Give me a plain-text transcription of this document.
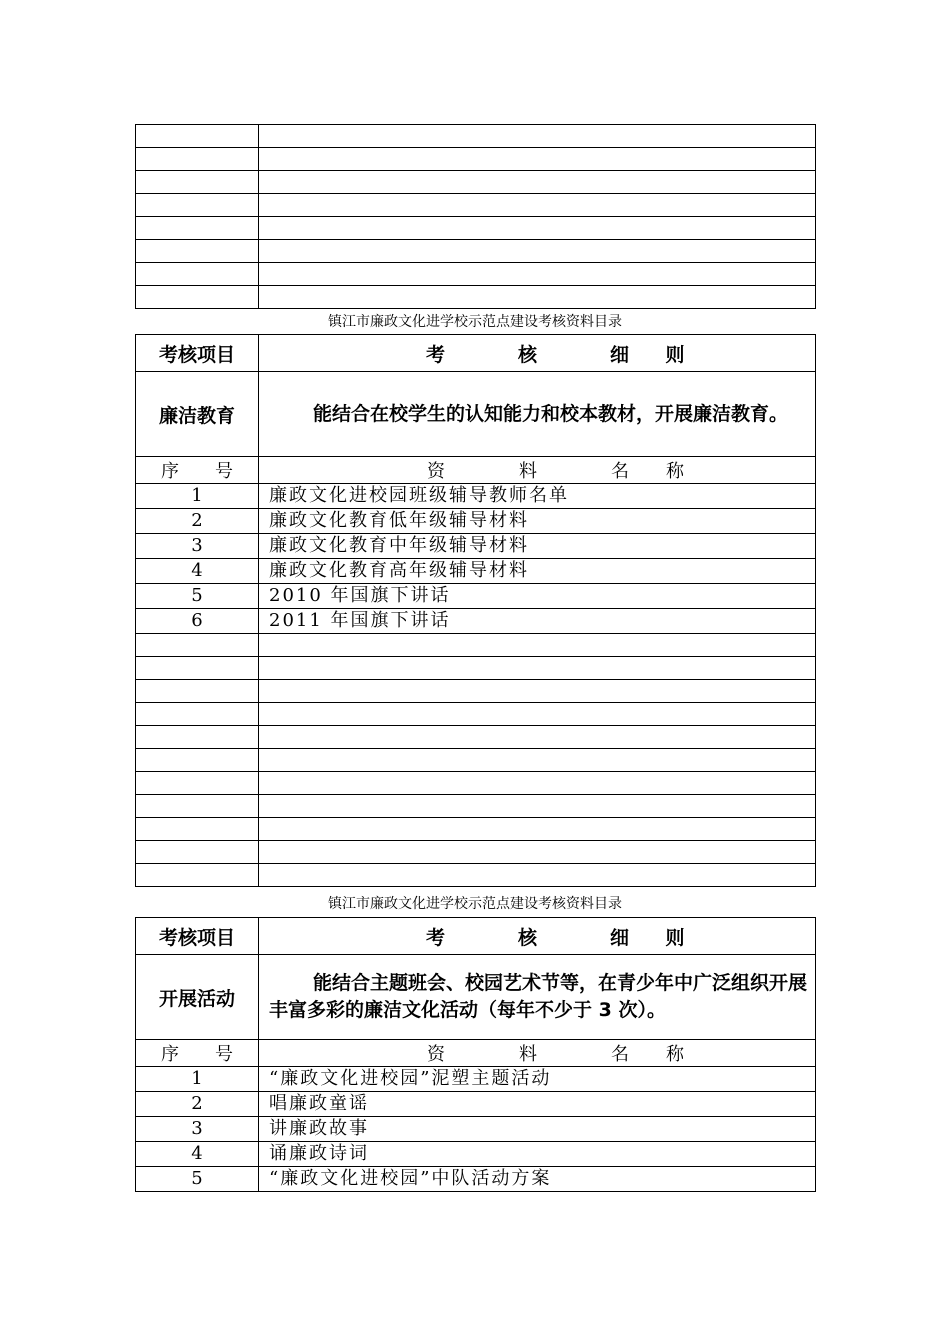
镇江市廉政文化进学校示范点建设考核资料目录
考核项目	考 核 细 则
廉洁教育	能结合在校学生的认知能力和校本教材，开展廉洁教育。
序 号	资 料 名 称
1	廉政文化进校园班级辅导教师名单
2	廉政文化教育低年级辅导材料
3	廉政文化教育中年级辅导材料
4	廉政文化教育高年级辅导材料
5	2010 年国旗下讲话
6	2011 年国旗下讲话

镇江市廉政文化进学校示范点建设考核资料目录
考核项目	考 核 细 则
开展活动	能结合主题班会、校园艺术节等，在青少年中广泛组织开展丰富多彩的廉洁文化活动（每年不少于 3 次）。
序 号	资 料 名 称
1	“廉政文化进校园”泥塑主题活动
2	唱廉政童谣
3	讲廉政故事
4	诵廉政诗词
5	“廉政文化进校园”中队活动方案
